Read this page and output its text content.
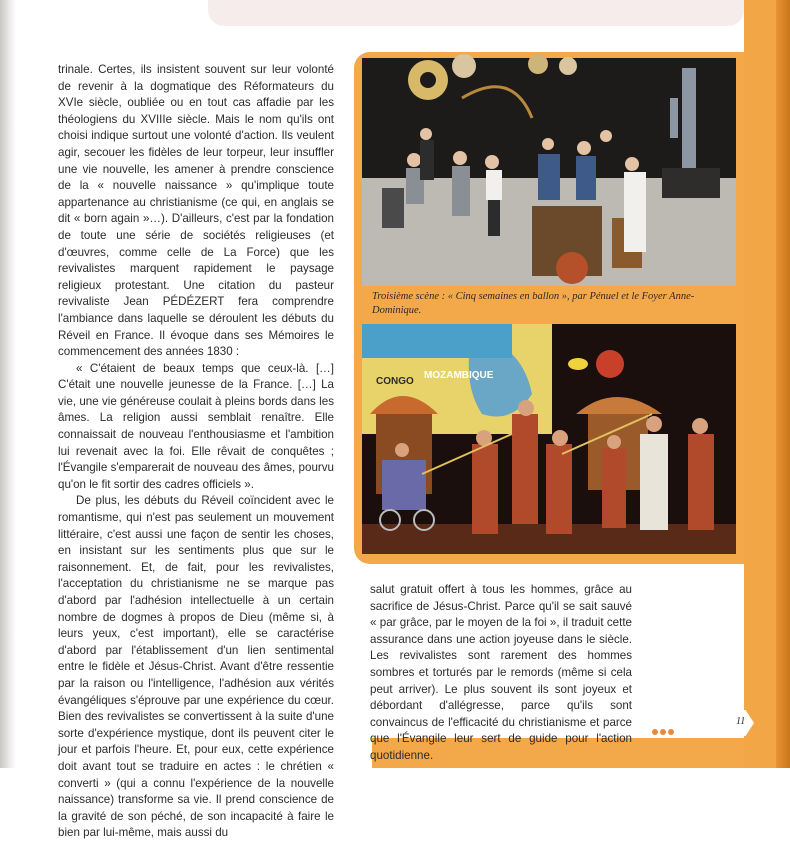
trinale. Certes, ils insistent souvent sur leur volonté de revenir à la dogmatique des Réformateurs du XVIe siècle, oubliée ou en tout cas affadie par les théologiens du XVIIIe siècle. Mais le nom qu'ils ont choisi indique surtout une volonté d'action. Ils veulent agir, secouer les fidèles de leur torpeur, leur insuffler une vie nouvelle, les amener à prendre conscience de la « nouvelle naissance » qu'implique toute appartenance au christianisme (ce qui, en anglais se dit « born again »…). D'ailleurs, c'est par la fondation de toute une série de sociétés religieuses (et d'œuvres, comme celle de La Force) que les revivalistes marquent rapidement le paysage religieux protestant. Une citation du pasteur revivaliste Jean PÉDÉZERT fera comprendre l'ambiance dans laquelle se déroulent les débuts du Réveil en France. Il évoque dans ses Mémoires le commencement des années 1830 :

« C'étaient de beaux temps que ceux-là. […] C'était une nouvelle jeunesse de la France. […] La vie, une vie généreuse coulait à pleins bords dans les âmes. La religion aussi semblait renaître. Elle connaissait de nouveau l'enthousiasme et l'ambition lui revenait avec la foi. Elle rêvait de conquêtes ; l'Évangile s'emparerait de nouveau des âmes, pourvu qu'on le fit sortir des cadres officiels ».

De plus, les débuts du Réveil coïncident avec le romantisme, qui n'est pas seulement un mouvement littéraire, c'est aussi une façon de sentir les choses, en insistant sur les sentiments plus que sur le raisonnement. Et, de fait, pour les revivalistes, l'acceptation du christianisme ne se marque pas d'abord par l'adhésion intellectuelle à un certain nombre de dogmes à propos de Dieu (même si, à leurs yeux, c'est important), elle se caractérise d'abord par l'établissement d'un lien sentimental entre le fidèle et Jésus-Christ. Avant d'être ressentie par la raison ou l'intelligence, l'adhésion aux vérités évangéliques s'éprouve par une expérience du cœur. Bien des revivalistes se convertissent à la suite d'une sorte d'expérience mystique, dont ils peuvent citer le jour et parfois l'heure. Et, pour eux, cette expérience doit avant tout se traduire en actes : le chrétien « converti » (qui a connu l'expérience de la nouvelle naissance) transforme sa vie. Il prend conscience de la gravité de son péché, de son incapacité à faire le bien par lui-même, mais aussi du

Troisième scène : « Cinq semaines en ballon », par Pénuel et le Foyer Anne-Dominique.
CONGO
MOZAMBIQUE

salut gratuit offert à tous les hommes, grâce au sacrifice de Jésus-Christ. Parce qu'il se sait sauvé « par grâce, par le moyen de la foi », il traduit cette assurance dans une action joyeuse dans le siècle. Les revivalistes sont rarement des hommes sombres et torturés par le remords (même si cela peut arriver). Le plus souvent ils sont joyeux et débordant d'allégresse, parce qu'ils sont convaincus de l'efficacité du christianisme et parce que l'Évangile leur sert de guide pour l'action quotidienne.

11
